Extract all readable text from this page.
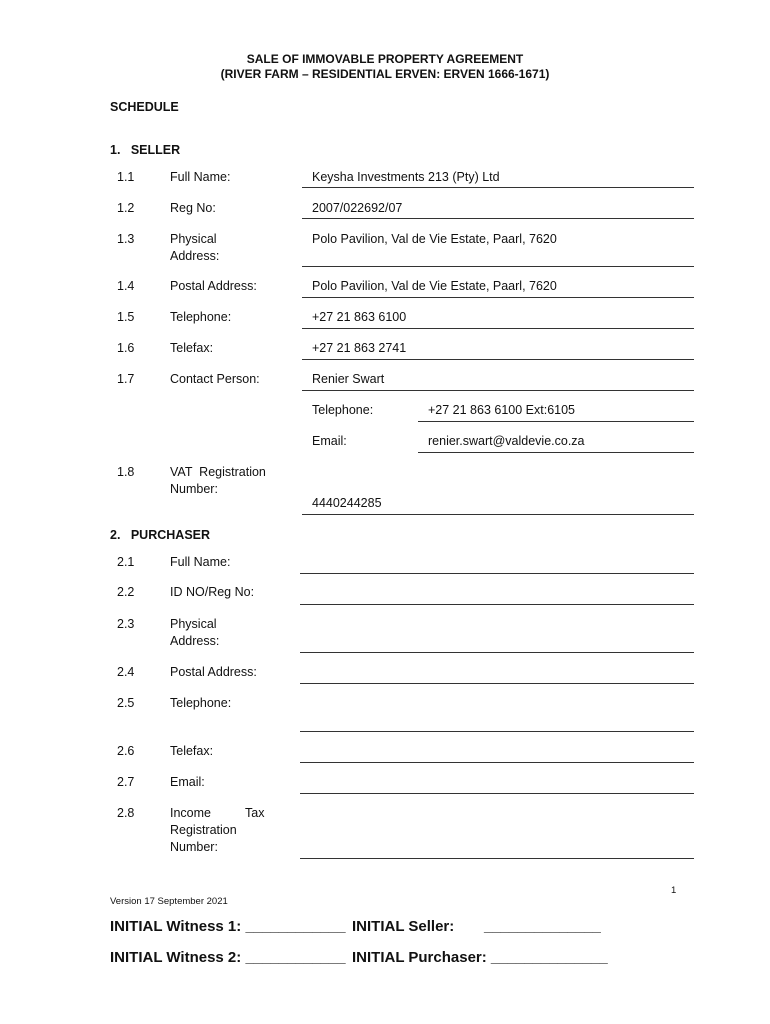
SALE OF IMMOVABLE PROPERTY AGREEMENT
(RIVER FARM – RESIDENTIAL ERVEN: ERVEN 1666-1671)
SCHEDULE
1.   SELLER
1.1	Full Name:	Keysha Investments 213 (Pty) Ltd
1.2	Reg No:	2007/022692/07
1.3	Physical
Address:
Polo Pavilion, Val de Vie Estate, Paarl, 7620
1.4	Postal Address:	Polo Pavilion, Val de Vie Estate, Paarl, 7620
1.5	Telephone:	+27 21 863 6100
1.6	Telefax:	+27 21 863 2741
1.7	Contact Person:	Renier Swart
Telephone:	+27 21 863 6100 Ext:6105
Email:	renier.swart@valdevie.co.za
1.8	VAT  Registration
Number:
4440244285
2.   PURCHASER
2.1	Full Name:
2.2	ID NO/Reg No:
2.3	Physical
Address:
2.4	Postal Address:
2.5	Telephone:
2.6	Telefax:
2.7	Email:
2.8	Income	Tax
Registration
Number:
1
Version 17 September 2021
INITIAL Witness 1: ____________ INITIAL Seller: ______________
INITIAL Witness 2: ____________ INITIAL Purchaser: ______________
